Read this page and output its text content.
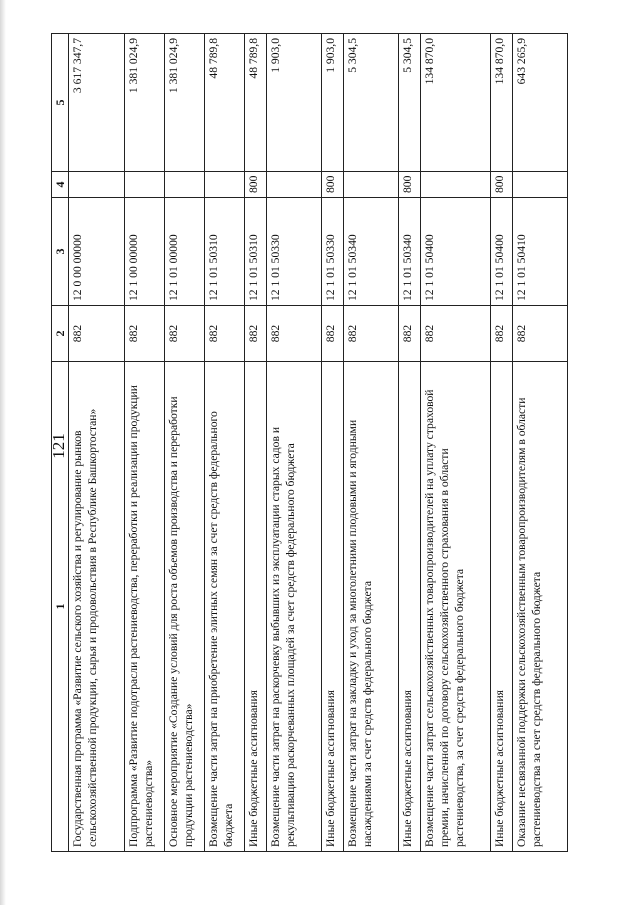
121
1	2	3	4	5
Государственная программа «Развитие сельского хозяйства и регулирование рынков сельскохозяйственной продукции, сырья и продовольствия в Республике Башкортостан»	882	12 0 00 00000		3 617 347,7
Подпрограмма «Развитие подотрасли растениеводства, переработки и реализации продукции растениеводства»	882	12 1 00 00000		1 381 024,9
Основное мероприятие «Создание условий для роста объемов производства и переработки продукции растениеводства»	882	12 1 01 00000		1 381 024,9
Возмещение части затрат на приобретение элитных семян за счет средств федерального бюджета	882	12 1 01 50310		48 789,8
Иные бюджетные ассигнования	882	12 1 01 50310	800	48 789,8
Возмещение части затрат на раскорчевку выбывших из эксплуатации старых садов и рекультивацию раскорчеванных площадей за счет средств федерального бюджета	882	12 1 01 50330		1 903,0
Иные бюджетные ассигнования	882	12 1 01 50330	800	1 903,0
Возмещение части затрат на закладку и уход за многолетними плодовыми и ягодными насаждениями за счет средств федерального бюджета	882	12 1 01 50340		5 304,5
Иные бюджетные ассигнования	882	12 1 01 50340	800	5 304,5
Возмещение части затрат сельскохозяйственных товаропроизводителей на уплату страховой премии, начисленной по договору сельскохозяйственного страхования в области растениеводства, за счет средств федерального бюджета	882	12 1 01 50400		134 870,0
Иные бюджетные ассигнования	882	12 1 01 50400	800	134 870,0
Оказание несвязанной поддержки сельскохозяйственным товаропроизводителям в области растениеводства за счет средств федерального бюджета	882	12 1 01 50410		643 265,9
